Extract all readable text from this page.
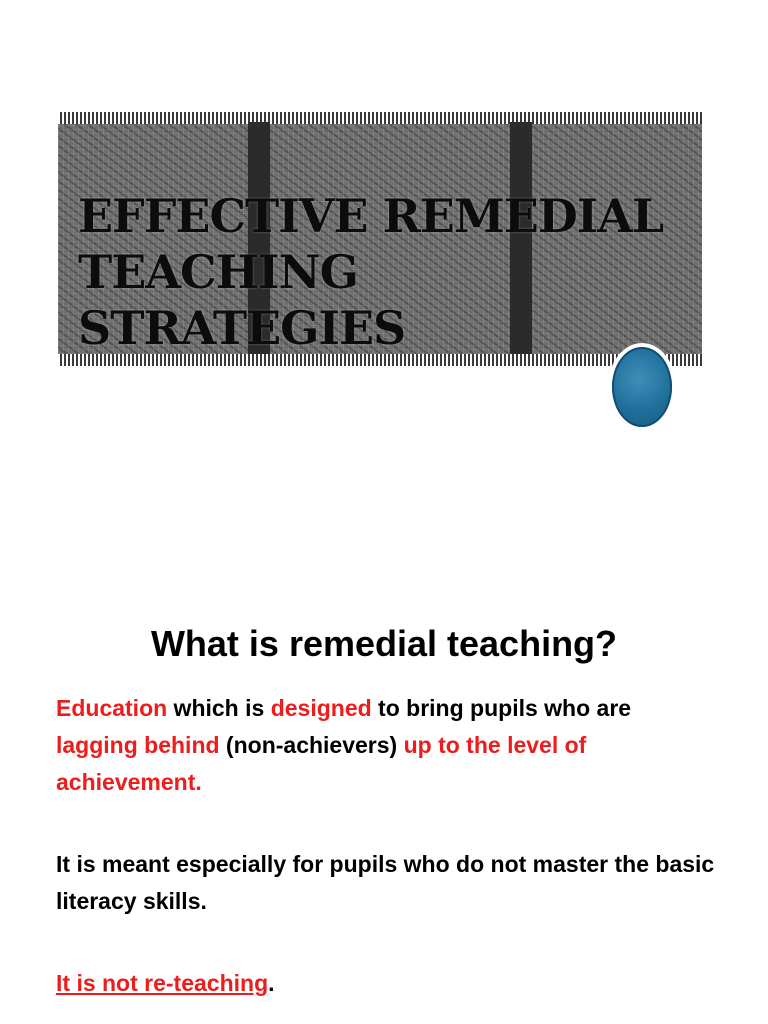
EFFECTIVE REMEDIAL
TEACHING STRATEGIES
What is remedial teaching?

Education which is designed to bring pupils who are lagging behind (non-achievers) up to the level of achievement.

It is meant especially for pupils who do not master the basic literacy skills.

It is not re-teaching.
